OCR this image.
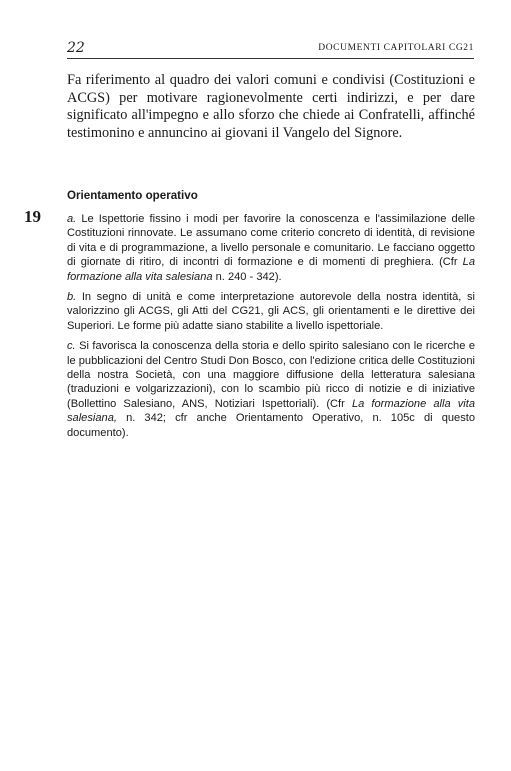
22	DOCUMENTI CAPITOLARI CG21

Fa riferimento al quadro dei valori comuni e condivisi (Costituzioni e ACGS) per motivare ragionevolmente certi indirizzi, e per dare significato all'impegno e allo sforzo che chiede ai Confratelli, affinché testimonino e annuncino ai giovani il Vangelo del Signore.

Orientamento operativo
19 a. Le Ispettorie fissino i modi per favorire la conoscenza e l'assimilazione delle Costituzioni rinnovate. Le assumano come criterio concreto di identità, di revisione di vita e di programmazione, a livello personale e comunitario. Le facciano oggetto di giornate di ritiro, di incontri di formazione e di momenti di preghiera. (Cfr La formazione alla vita salesiana n. 240 - 342).

b. In segno di unità e come interpretazione autorevole della nostra identità, si valorizzino gli ACGS, gli Atti del CG21, gli ACS, gli orientamenti e le direttive dei Superiori. Le forme più adatte siano stabilite a livello ispettoriale.

c. Si favorisca la conoscenza della storia e dello spirito salesiano con le ricerche e le pubblicazioni del Centro Studi Don Bosco, con l'edizione critica delle Costituzioni della nostra Società, con una maggiore diffusione della letteratura salesiana (traduzioni e volgarizzazioni), con lo scambio più ricco di notizie e di iniziative (Bollettino Salesiano, ANS, Notiziari Ispettoriali). (Cfr La formazione alla vita salesiana, n. 342; cfr anche Orientamento Operativo, n. 105c di questo documento).
